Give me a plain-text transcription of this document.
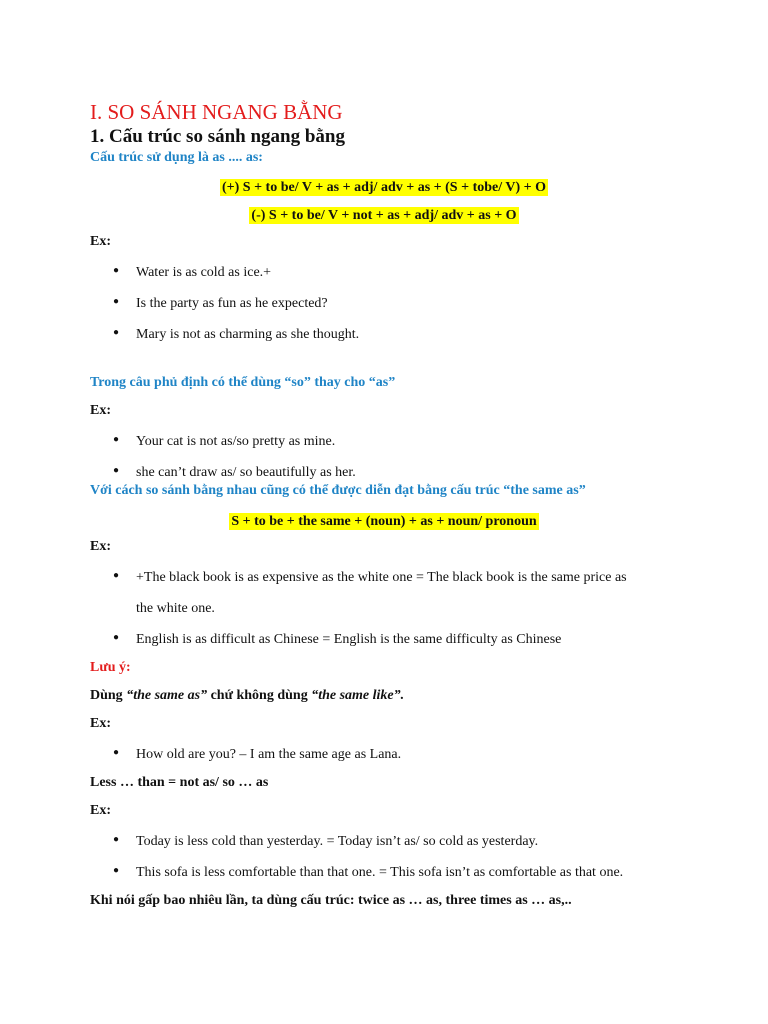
I. SO SÁNH NGANG BẰNG
1. Cấu trúc so sánh ngang bằng
Cấu trúc sử dụng là as .... as:
(+) S + to be/ V + as + adj/ adv + as + (S + tobe/ V) + O
(-) S + to be/ V + not + as + adj/ adv + as + O
Ex:
● Water is as cold as ice.+
● Is the party as fun as he expected?
● Mary is not as charming as she thought.
Trong câu phủ định có thể dùng “so” thay cho “as”
Ex:
● Your cat is not as/so pretty as mine.
● she can’t draw as/ so beautifully as her.
Với cách so sánh bằng nhau cũng có thể được diễn đạt bằng cấu trúc “the same as”
S + to be + the same + (noun) + as + noun/ pronoun
Ex:
● +The black book is as expensive as the white one = The black book is the same price as
the white one.
● English is as difficult as Chinese = English is the same difficulty as Chinese
Lưu ý:
Dùng “the same as” chứ không dùng “the same like”.
Ex:
● How old are you? – I am the same age as Lana.
Less … than = not as/ so … as
Ex:
● Today is less cold than yesterday. = Today isn’t as/ so cold as yesterday.
● This sofa is less comfortable than that one. = This sofa isn’t as comfortable as that one.
Khi nói gấp bao nhiêu lần, ta dùng cấu trúc: twice as … as, three times as … as,..
